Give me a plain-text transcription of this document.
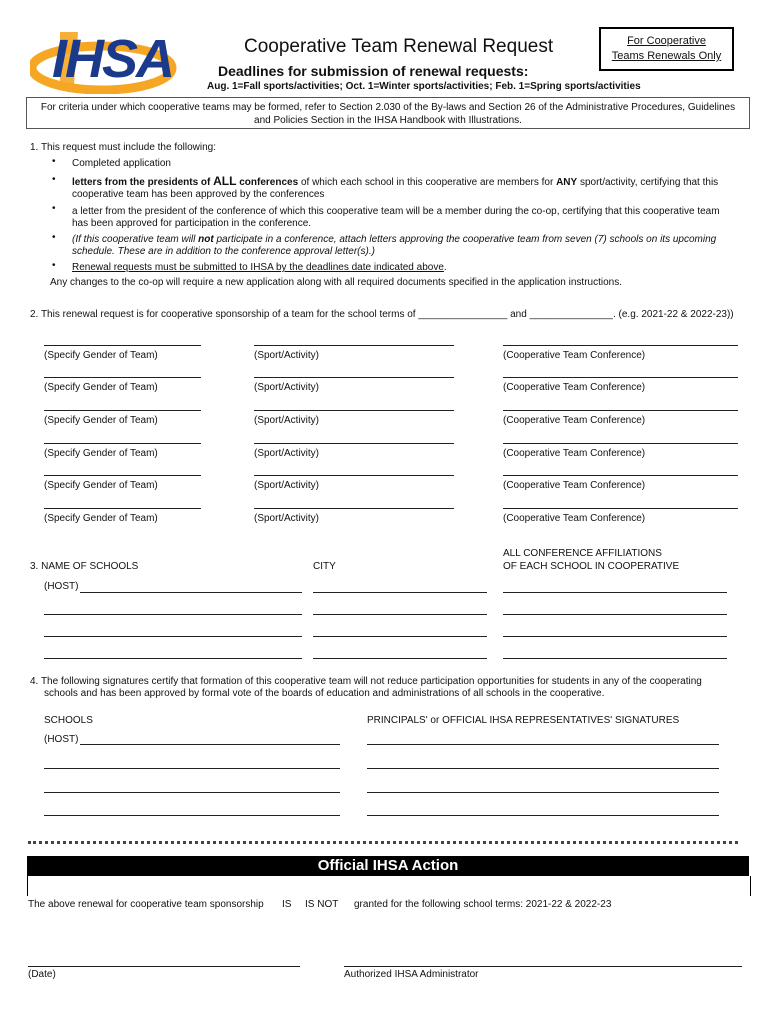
IHSA	Cooperative Team Renewal Request
Deadlines for submission of renewal requests:
Aug. 1=Fall sports/activities; Oct. 1=Winter sports/activities; Feb. 1=Spring sports/activities
For Cooperative
Teams Renewals Only
For criteria under which cooperative teams may be formed, refer to Section 2.030 of the By-laws and Section 26 of the Administrative Procedures, Guidelines
and Policies Section in the IHSA Handbook with Illustrations.
1. This request must include the following:
• Completed application
• letters from the presidents of ALL conferences of which each school in this cooperative are members for ANY sport/activity, certifying that this
cooperative team has been approved by the conferences
• a letter from the president of the conference of which this cooperative team will be a member during the co-op, certifying that this cooperative team
has been approved for participation in the conference.
• (If this cooperative team will not participate in a conference, attach letters approving the cooperative team from seven (7) schools on its upcoming
schedule. These are in addition to the conference approval letter(s).)
• Renewal requests must be submitted to IHSA by the deadlines date indicated above.
Any changes to the co-op will require a new application along with all required documents specified in the application instructions.
2. This renewal request is for cooperative sponsorship of a team for the school terms of ________________ and _______________. (e.g. 2021-22 & 2022-23))
(Specify Gender of Team)	(Sport/Activity)	(Cooperative Team Conference)
(Specify Gender of Team)	(Sport/Activity)	(Cooperative Team Conference)
(Specify Gender of Team)	(Sport/Activity)	(Cooperative Team Conference)
(Specify Gender of Team)	(Sport/Activity)	(Cooperative Team Conference)
(Specify Gender of Team)	(Sport/Activity)	(Cooperative Team Conference)
(Specify Gender of Team)	(Sport/Activity)	(Cooperative Team Conference)
3. NAME OF SCHOOLS	CITY
ALL CONFERENCE AFFILIATIONS
OF EACH SCHOOL IN COOPERATIVE
(HOST)
4. The following signatures certify that formation of this cooperative team will not reduce participation opportunities for students in any of the cooperating
schools and has been approved by formal vote of the boards of education and administrations of all schools in the cooperative.
SCHOOLS	PRINCIPALS' or OFFICIAL IHSA REPRESENTATIVES' SIGNATURES
(HOST)
Official IHSA Action
The above renewal for cooperative team sponsorship IS IS NOT granted for the following school terms: 2021-22 & 2022-23
(Date)	Authorized IHSA Administrator
